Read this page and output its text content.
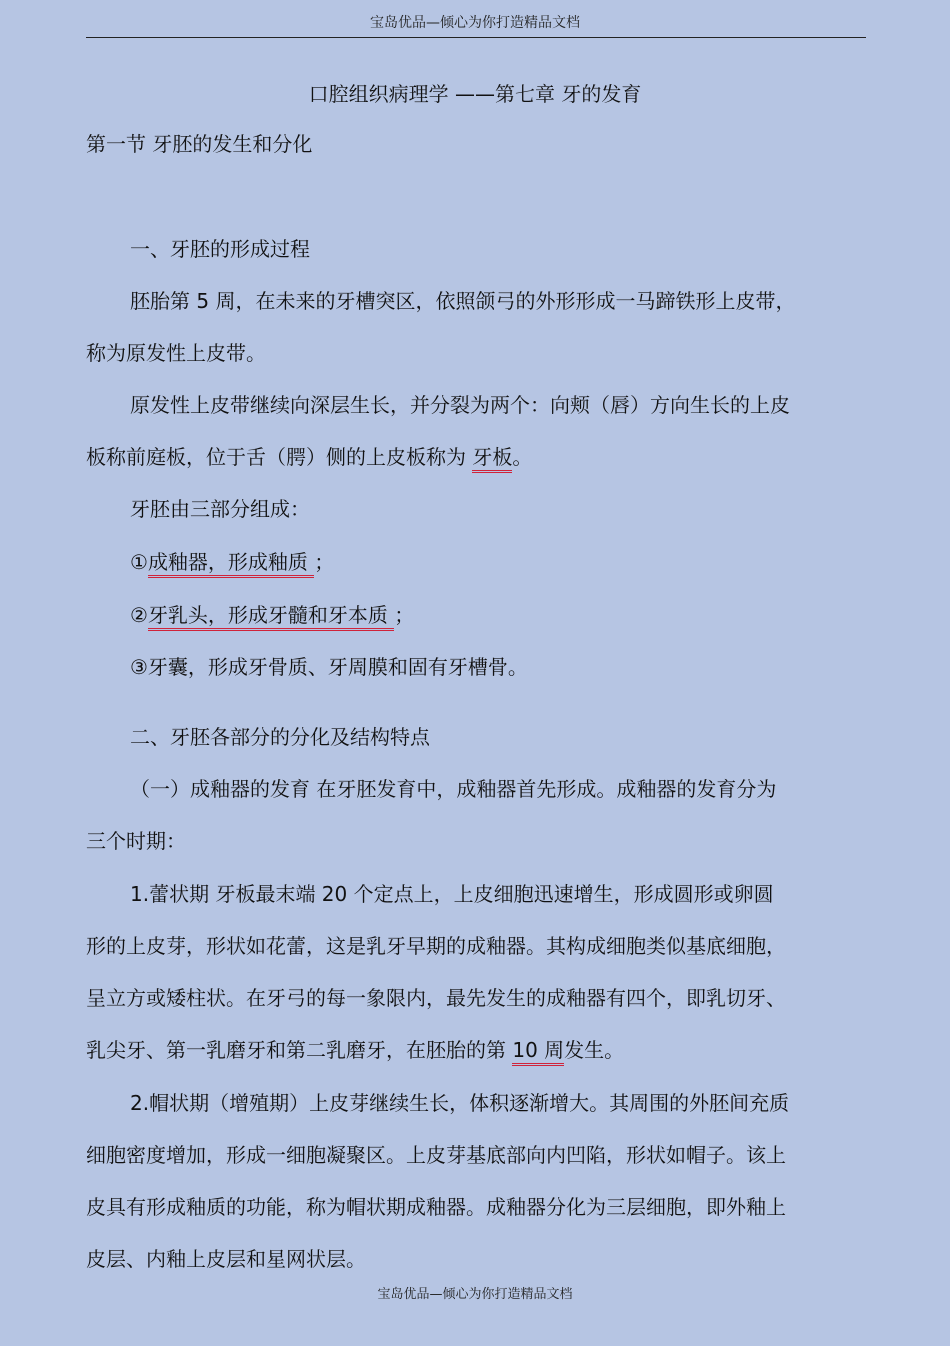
宝岛优品—倾心为你打造精品文档
口腔组织病理学 ——第七章 牙的发育
第一节 牙胚的发生和分化
一、牙胚的形成过程
胚胎第 5 周，在未来的牙槽突区，依照颌弓的外形形成一马蹄铁形上皮带，
称为原发性上皮带。
原发性上皮带继续向深层生长，并分裂为两个：向颊（唇）方向生长的上皮
板称前庭板，位于舌（腭）侧的上皮板称为 牙板。
牙胚由三部分组成：
①成釉器，形成釉质 ；
②牙乳头，形成牙髓和牙本质 ；
③牙囊，形成牙骨质、牙周膜和固有牙槽骨。
二、牙胚各部分的分化及结构特点
（一）成釉器的发育 在牙胚发育中，成釉器首先形成。成釉器的发育分为
三个时期：
1.蕾状期 牙板最末端 20 个定点上，上皮细胞迅速增生，形成圆形或卵圆
形的上皮芽，形状如花蕾，这是乳牙早期的成釉器。其构成细胞类似基底细胞，
呈立方或矮柱状。在牙弓的每一象限内，最先发生的成釉器有四个，即乳切牙、
乳尖牙、第一乳磨牙和第二乳磨牙，在胚胎的第 10 周发生。
2.帽状期（增殖期）上皮芽继续生长，体积逐渐增大。其周围的外胚间充质
细胞密度增加，形成一细胞凝聚区。上皮芽基底部向内凹陷，形状如帽子。该上
皮具有形成釉质的功能，称为帽状期成釉器。成釉器分化为三层细胞，即外釉上
皮层、内釉上皮层和星网状层。
宝岛优品—倾心为你打造精品文档
